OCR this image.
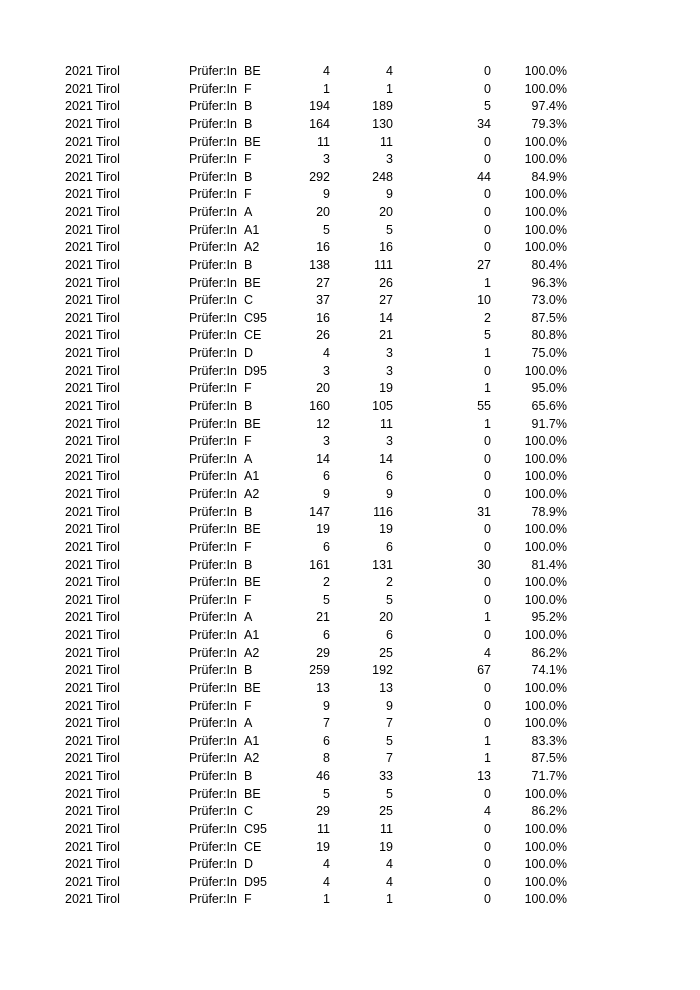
2021 Tirol	Prüfer:In BE	4	4	0	100.0%
2021 Tirol	Prüfer:In F	1	1	0	100.0%
2021 Tirol	Prüfer:In B	194	189	5	97.4%
2021 Tirol	Prüfer:In B	164	130	34	79.3%
2021 Tirol	Prüfer:In BE	11	11	0	100.0%
2021 Tirol	Prüfer:In F	3	3	0	100.0%
2021 Tirol	Prüfer:In B	292	248	44	84.9%
2021 Tirol	Prüfer:In F	9	9	0	100.0%
2021 Tirol	Prüfer:In A	20	20	0	100.0%
2021 Tirol	Prüfer:In A1	5	5	0	100.0%
2021 Tirol	Prüfer:In A2	16	16	0	100.0%
2021 Tirol	Prüfer:In B	138	111	27	80.4%
2021 Tirol	Prüfer:In BE	27	26	1	96.3%
2021 Tirol	Prüfer:In C	37	27	10	73.0%
2021 Tirol	Prüfer:In C95	16	14	2	87.5%
2021 Tirol	Prüfer:In CE	26	21	5	80.8%
2021 Tirol	Prüfer:In D	4	3	1	75.0%
2021 Tirol	Prüfer:In D95	3	3	0	100.0%
2021 Tirol	Prüfer:In F	20	19	1	95.0%
2021 Tirol	Prüfer:In B	160	105	55	65.6%
2021 Tirol	Prüfer:In BE	12	11	1	91.7%
2021 Tirol	Prüfer:In F	3	3	0	100.0%
2021 Tirol	Prüfer:In A	14	14	0	100.0%
2021 Tirol	Prüfer:In A1	6	6	0	100.0%
2021 Tirol	Prüfer:In A2	9	9	0	100.0%
2021 Tirol	Prüfer:In B	147	116	31	78.9%
2021 Tirol	Prüfer:In BE	19	19	0	100.0%
2021 Tirol	Prüfer:In F	6	6	0	100.0%
2021 Tirol	Prüfer:In B	161	131	30	81.4%
2021 Tirol	Prüfer:In BE	2	2	0	100.0%
2021 Tirol	Prüfer:In F	5	5	0	100.0%
2021 Tirol	Prüfer:In A	21	20	1	95.2%
2021 Tirol	Prüfer:In A1	6	6	0	100.0%
2021 Tirol	Prüfer:In A2	29	25	4	86.2%
2021 Tirol	Prüfer:In B	259	192	67	74.1%
2021 Tirol	Prüfer:In BE	13	13	0	100.0%
2021 Tirol	Prüfer:In F	9	9	0	100.0%
2021 Tirol	Prüfer:In A	7	7	0	100.0%
2021 Tirol	Prüfer:In A1	6	5	1	83.3%
2021 Tirol	Prüfer:In A2	8	7	1	87.5%
2021 Tirol	Prüfer:In B	46	33	13	71.7%
2021 Tirol	Prüfer:In BE	5	5	0	100.0%
2021 Tirol	Prüfer:In C	29	25	4	86.2%
2021 Tirol	Prüfer:In C95	11	11	0	100.0%
2021 Tirol	Prüfer:In CE	19	19	0	100.0%
2021 Tirol	Prüfer:In D	4	4	0	100.0%
2021 Tirol	Prüfer:In D95	4	4	0	100.0%
2021 Tirol	Prüfer:In F	1	1	0	100.0%
